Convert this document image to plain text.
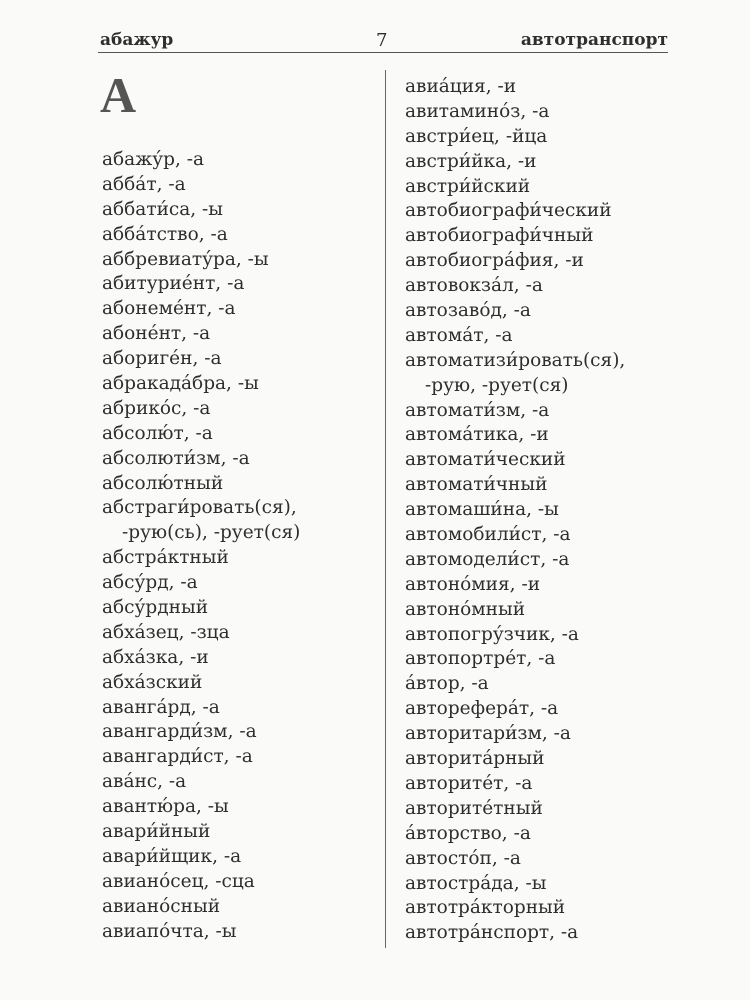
абажур	7	автотранспорт
А
абажу́р, -а
абба́т, -а
аббати́са, -ы
абба́тство, -а
аббревиату́ра, -ы
абитурие́нт, -а
абонеме́нт, -а
абоне́нт, -а
абориге́н, -а
абракада́бра, -ы
абрико́с, -а
абсолю́т, -а
абсолюти́зм, -а
абсолю́тный
абстраги́ровать(ся),
-рую(сь), -рует(ся)
абстра́ктный
абсу́рд, -а
абсу́рдный
абха́зец, -зца
абха́зка, -и
абха́зский
аванга́рд, -а
авангарди́зм, -а
авангарди́ст, -а
ава́нс, -а
авантю́ра, -ы
авари́йный
авари́йщик, -а
авиано́сец, -сца
авиано́сный
авиапо́чта, -ы
авиа́ция, -и
авитамино́з, -а
австри́ец, -йца
австри́йка, -и
австри́йский
автобиографи́ческий
автобиографи́чный
автобиогра́фия, -и
автовокза́л, -а
автозаво́д, -а
автома́т, -а
автоматизи́ровать(ся),
-рую, -рует(ся)
автомати́зм, -а
автома́тика, -и
автомати́ческий
автомати́чный
автомаши́на, -ы
автомобили́ст, -а
автомодели́ст, -а
автоно́мия, -и
автоно́мный
автопогру́зчик, -а
автопортре́т, -а
а́втор, -а
авторефера́т, -а
авторитари́зм, -а
авторита́рный
авторите́т, -а
авторите́тный
а́вторство, -а
автосто́п, -а
автостра́да, -ы
автотра́кторный
автотра́нспорт, -а
